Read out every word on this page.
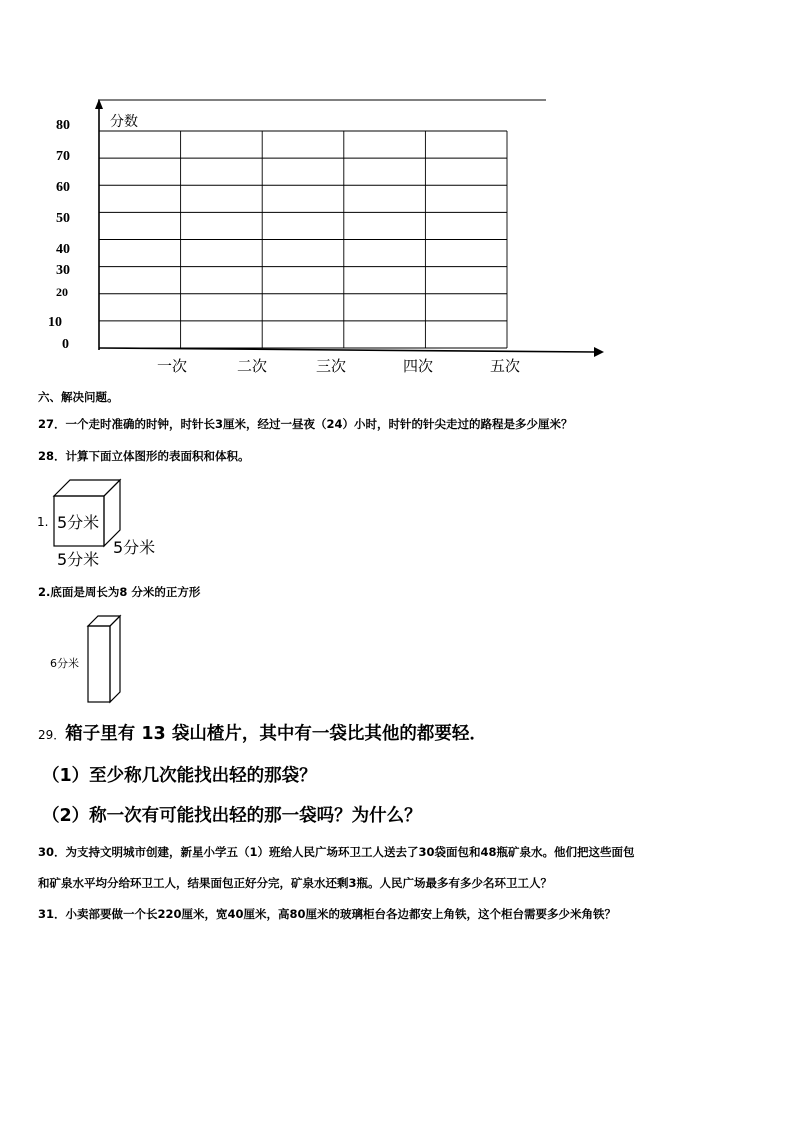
分数
80
70
60
50
40
30
20
10
0
一次	二次	三次	四次	五次
六、解决问题。
27．一个走时准确的时钟，时针长3厘米，经过一昼夜（24）小时，时针的针尖走过的路程是多少厘米？
28．计算下面立体图形的表面积和体积。
1. 5分米
5分米
5分米
2.底面是周长为8 分米的正方形
6分米
29．箱子里有 13 袋山楂片，其中有一袋比其他的都要轻．
（1）至少称几次能找出轻的那袋？
（2）称一次有可能找出轻的那一袋吗？为什么？
30．为支持文明城市创建，新星小学五（1）班给人民广场环卫工人送去了30袋面包和48瓶矿泉水。他们把这些面包
和矿泉水平均分给环卫工人，结果面包正好分完，矿泉水还剩3瓶。人民广场最多有多少名环卫工人？
31．小卖部要做一个长220厘米，宽40厘米，高80厘米的玻璃柜台各边都安上角铁，这个柜台需要多少米角铁？
